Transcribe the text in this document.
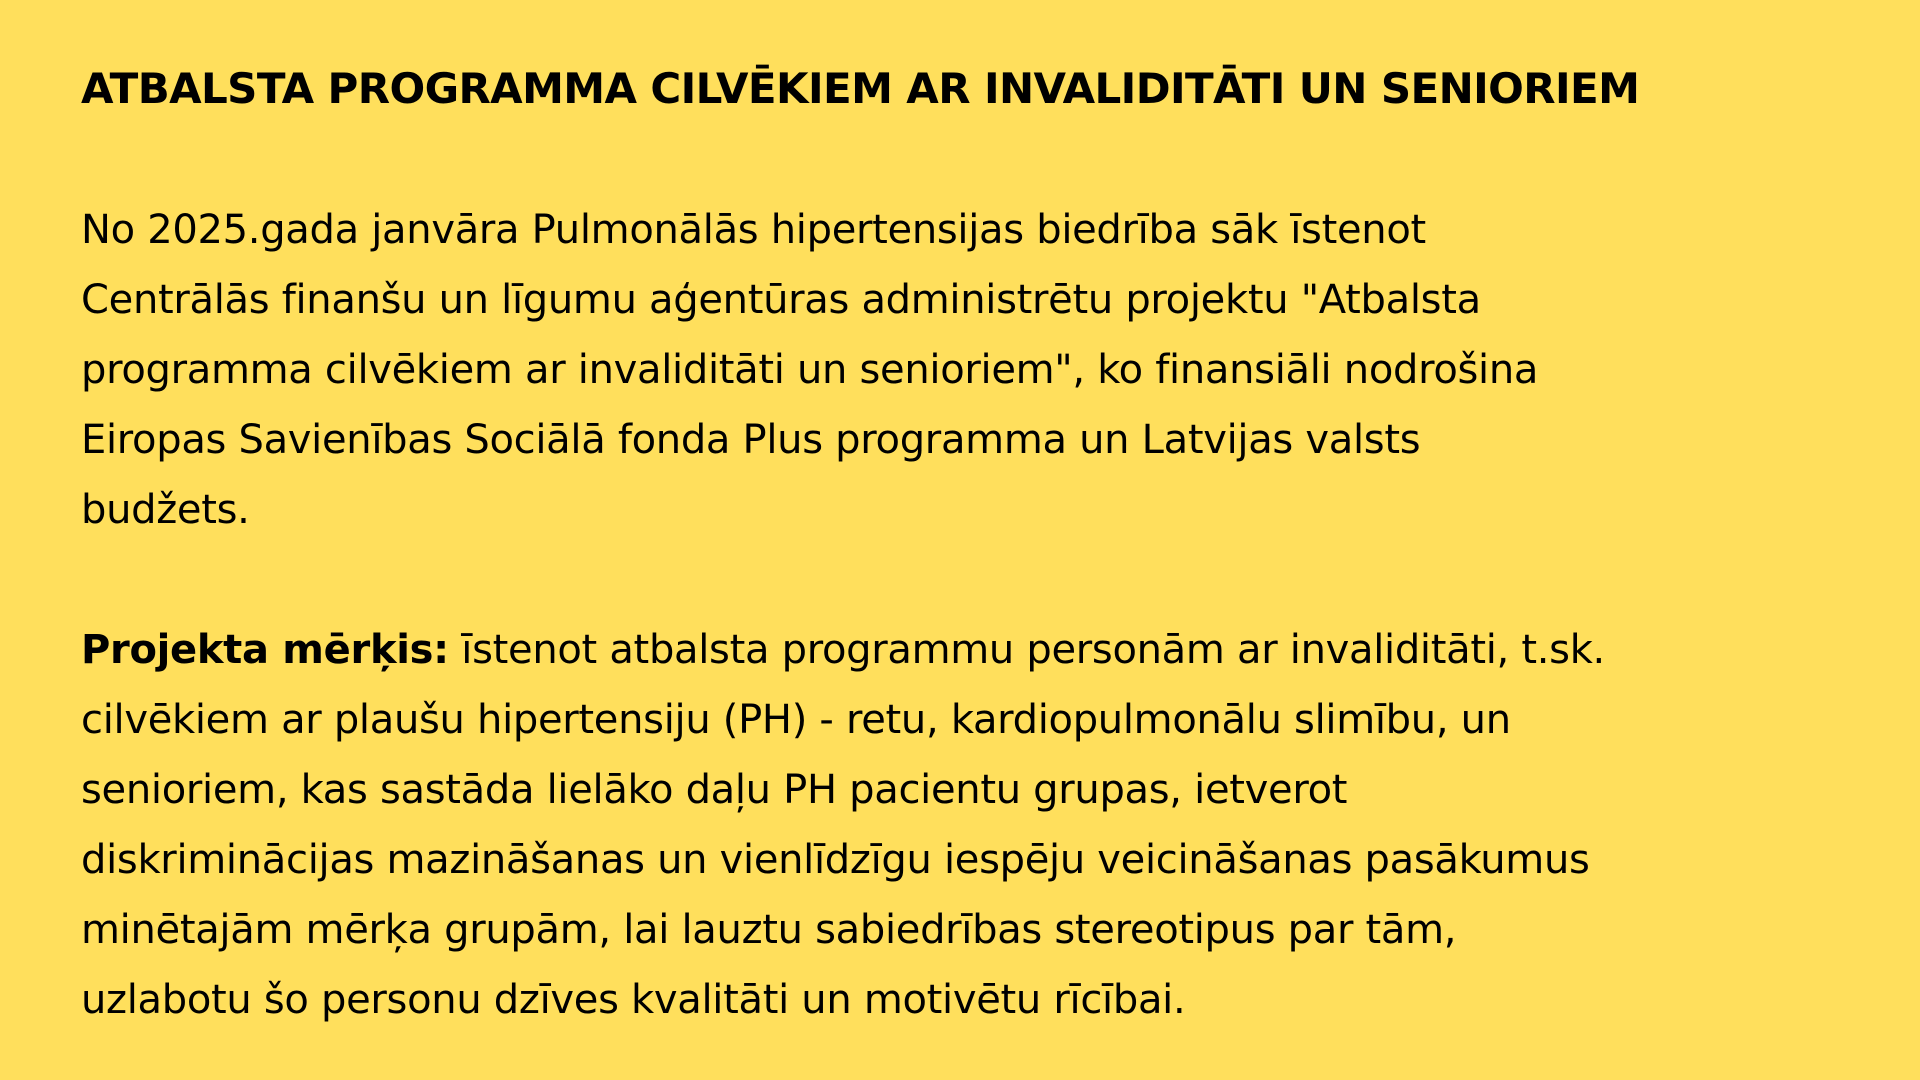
ATBALSTA PROGRAMMA CILVĒKIEM AR INVALIDITĀTI UN SENIORIEM

No 2025.gada janvāra Pulmonālās hipertensijas biedrība sāk īstenot
Centrālās finanšu un līgumu aģentūras administrētu projektu "Atbalsta
programma cilvēkiem ar invaliditāti un senioriem", ko finansiāli nodrošina
Eiropas Savienības Sociālā fonda Plus programma un Latvijas valsts
budžets.

Projekta mērķis: īstenot atbalsta programmu personām ar invaliditāti, t.sk.
cilvēkiem ar plaušu hipertensiju (PH) - retu, kardiopulmonālu slimību, un
senioriem, kas sastāda lielāko daļu PH pacientu grupas, ietverot
diskriminācijas mazināšanas un vienlīdzīgu iespēju veicināšanas pasākumus
minētajām mērķa grupām, lai lauztu sabiedrības stereotipus par tām,
uzlabotu šo personu dzīves kvalitāti un motivētu rīcībai.
